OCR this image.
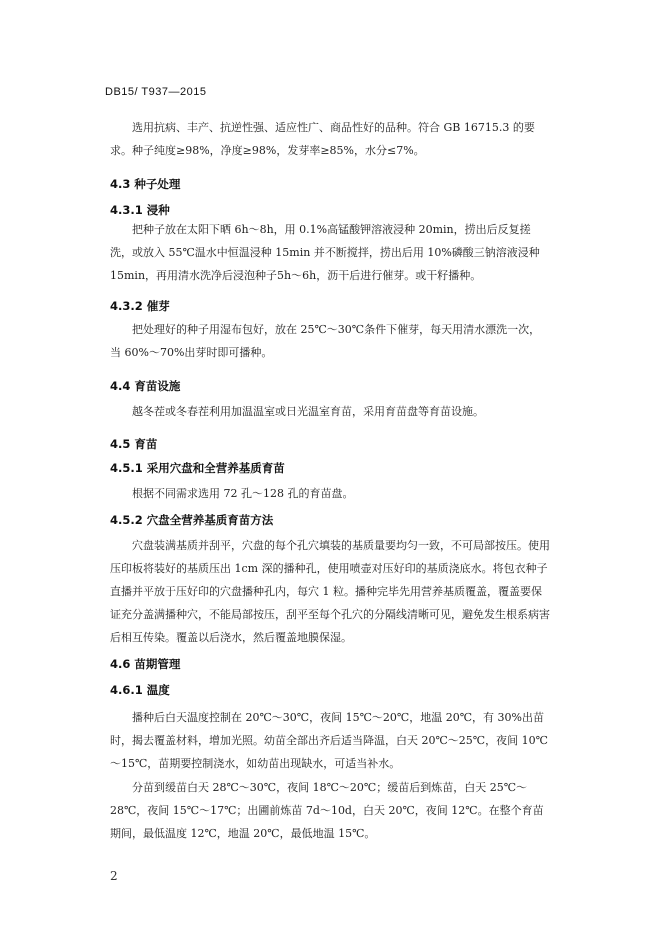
DB15/ T937—2015
选用抗病、丰产、抗逆性强、适应性广、商品性好的品种。符合 GB 16715.3 的要求。种子纯度≥98%，净度≥98%，发芽率≥85%，水分≤7%。
4.3 种子处理
4.3.1 浸种
把种子放在太阳下晒 6h～8h，用 0.1%高锰酸钾溶液浸种 20min，捞出后反复搓洗，或放入 55℃温水中恒温浸种 15min 并不断搅拌，捞出后用 10%磷酸三钠溶液浸种 15min，再用清水洗净后浸泡种子5h～6h，沥干后进行催芽。或干籽播种。
4.3.2 催芽
把处理好的种子用湿布包好，放在 25℃～30℃条件下催芽，每天用清水漂洗一次，当 60%～70%出芽时即可播种。
4.4 育苗设施
越冬茬或冬春茬利用加温温室或日光温室育苗，采用育苗盘等育苗设施。
4.5 育苗
4.5.1 采用穴盘和全营养基质育苗
根据不同需求选用 72 孔～128 孔的育苗盘。
4.5.2 穴盘全营养基质育苗方法
穴盘装满基质并刮平，穴盘的每个孔穴填装的基质量要均匀一致，不可局部按压。使用压印板将装好的基质压出 1cm 深的播种孔，使用喷壶对压好印的基质浇底水。将包衣种子直播并平放于压好印的穴盘播种孔内，每穴 1 粒。播种完毕先用营养基质覆盖，覆盖要保证充分盖满播种穴，不能局部按压，刮平至每个孔穴的分隔线清晰可见，避免发生根系病害后相互传染。覆盖以后浇水，然后覆盖地膜保湿。
4.6 苗期管理
4.6.1 温度
播种后白天温度控制在 20℃～30℃，夜间 15℃～20℃，地温 20℃，有 30%出苗时，揭去覆盖材料，增加光照。幼苗全部出齐后适当降温，白天 20℃～25℃，夜间 10℃～15℃，苗期要控制浇水，如幼苗出现缺水，可适当补水。
分苗到缓苗白天 28℃～30℃，夜间 18℃～20℃；缓苗后到炼苗，白天 25℃～28℃，夜间 15℃～17℃；出圃前炼苗 7d～10d，白天 20℃，夜间 12℃。在整个育苗期间，最低温度 12℃，地温 20℃，最低地温 15℃。
2
